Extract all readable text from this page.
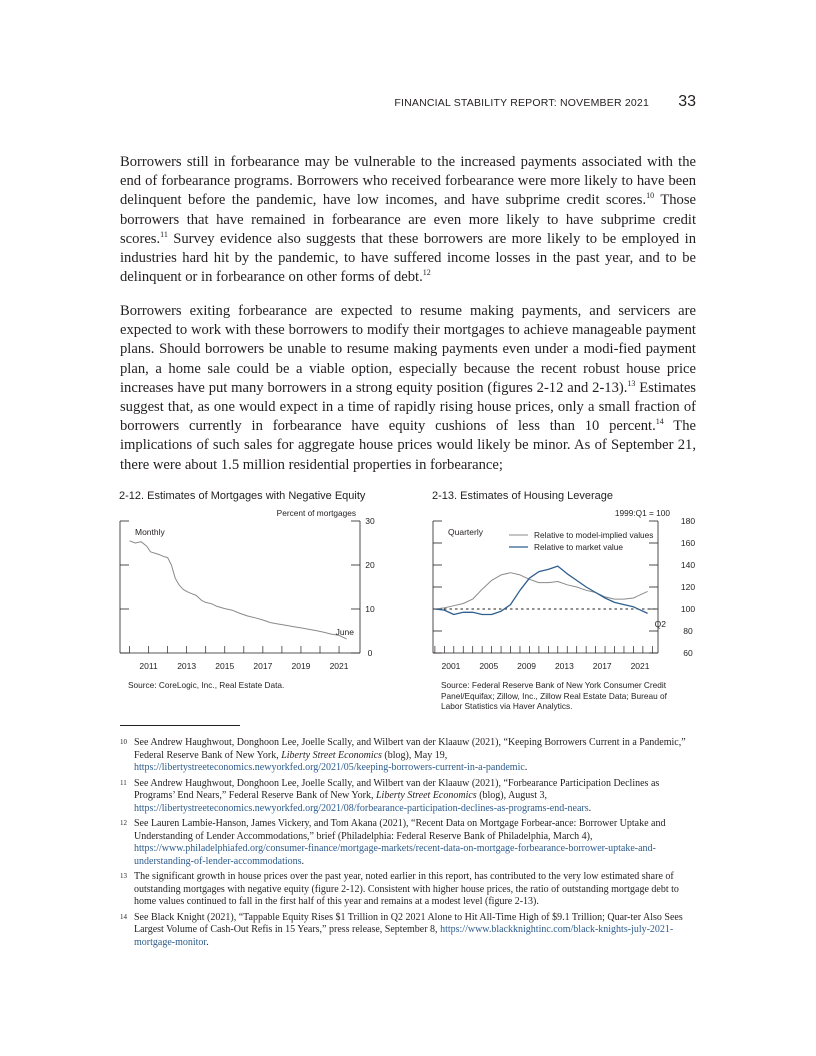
FINANCIAL STABILITY REPORT: NOVEMBER 2021 33

Borrowers still in forbearance may be vulnerable to the increased payments associated with the end of forbearance programs. Borrowers who received forbearance were more likely to have been delinquent before the pandemic, have low incomes, and have subprime credit scores.$^{10}$ Those borrowers that have remained in forbearance are even more likely to have subprime credit scores.$^{11}$ Survey evidence also suggests that these borrowers are more likely to be employed in industries hard hit by the pandemic, to have suffered income losses in the past year, and to be delinquent or in forbearance on other forms of debt.$^{12}$

Borrowers exiting forbearance are expected to resume making payments, and servicers are expected to work with these borrowers to modify their mortgages to achieve manageable payment plans. Should borrowers be unable to resume making payments even under a modi-fied payment plan, a home sale could be a viable option, especially because the recent robust house price increases have put many borrowers in a strong equity position (figures 2-12 and 2-13).$^{13}$ Estimates suggest that, as one would expect in a time of rapidly rising house prices, only a small fraction of borrowers currently in forbearance have equity cushions of less than 10 percent.$^{14}$ The implications of such sales for aggregate house prices would likely be minor. As of September 21, there were about 1.5 million residential properties in forbearance;

2-12. Estimates of Mortgages with Negative Equity
0
10
20
30
2011 2013 2015 2017 2019 2021
Percent of mortgages
Monthly
June
Source: CoreLogic, Inc., Real Estate Data.
2-13. Estimates of Housing Leverage
60
80
100
120
140
160
180
2001 2005 2009 2013 2017 2021
1999:Q1 = 100
Quarterly
Q2
Relative to model-implied values
Relative to market value
Source: Federal Reserve Bank of New York Consumer Credit Panel/Equifax; Zillow, Inc., Zillow Real Estate Data; Bureau of Labor Statistics via Haver Analytics.
10 See Andrew Haughwout, Donghoon Lee, Joelle Scally, and Wilbert van der Klaauw (2021), “Keeping Borrowers Current in a Pandemic,” Federal Reserve Bank of New York, Liberty Street Economics (blog), May 19, https://libertystreeteconomics.newyorkfed.org/2021/05/keeping-borrowers-current-in-a-pandemic.
11 See Andrew Haughwout, Donghoon Lee, Joelle Scally, and Wilbert van der Klaauw (2021), “Forbearance Participation Declines as Programs’ End Nears,” Federal Reserve Bank of New York, Liberty Street Economics (blog), August 3, https://libertystreeteconomics.newyorkfed.org/2021/08/forbearance-participation-declines-as-programs-end-nears.
12 See Lauren Lambie-Hanson, James Vickery, and Tom Akana (2021), “Recent Data on Mortgage Forbear-ance: Borrower Uptake and Understanding of Lender Accommodations,” brief (Philadelphia: Federal Reserve Bank of Philadelphia, March 4), https://www.philadelphiafed.org/consumer-finance/mortgage-markets/recent-data-on-mortgage-forbearance-borrower-uptake-and-understanding-of-lender-accommodations.
13 The significant growth in house prices over the past year, noted earlier in this report, has contributed to the very low estimated share of outstanding mortgages with negative equity (figure 2-12). Consistent with higher house prices, the ratio of outstanding mortgage debt to home values continued to fall in the first half of this year and remains at a modest level (figure 2-13).
14 See Black Knight (2021), “Tappable Equity Rises $1 Trillion in Q2 2021 Alone to Hit All-Time High of $9.1 Trillion; Quar-ter Also Sees Largest Volume of Cash-Out Refis in 15 Years,” press release, September 8, https://www.blackknightinc.com/black-knights-july-2021-mortgage-monitor.
